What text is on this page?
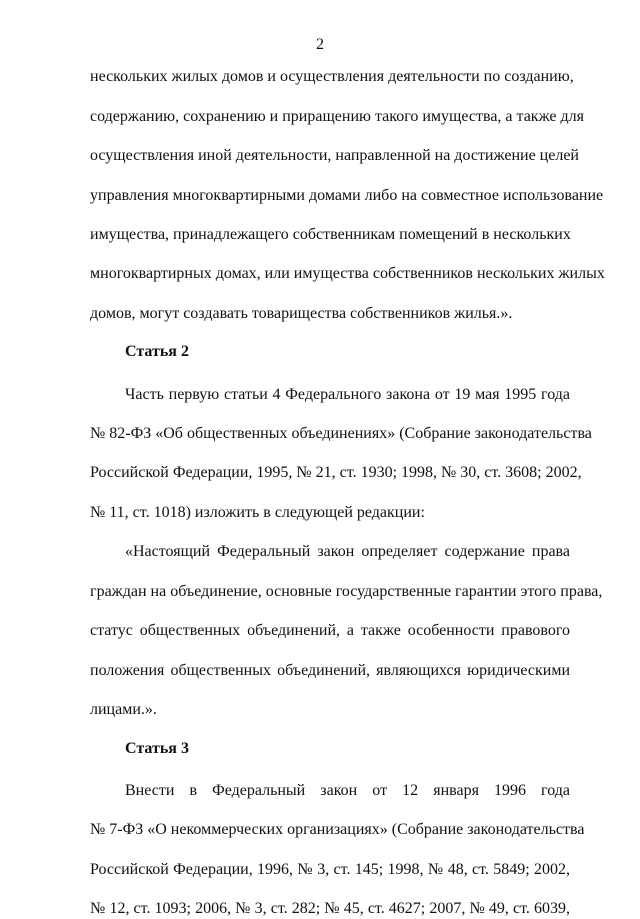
2
нескольких жилых домов и осуществления деятельности по созданию,
содержанию, сохранению и приращению такого имущества, а также для
осуществления иной деятельности, направленной на достижение целей
управления многоквартирными домами либо на совместное использование
имущества, принадлежащего собственникам помещений в нескольких
многоквартирных домах, или имущества собственников нескольких жилых
домов, могут создавать товарищества собственников жилья.».
Статья 2
Часть первую статьи 4 Федерального закона от 19 мая 1995 года
№ 82-ФЗ «Об общественных объединениях» (Собрание законодательства
Российской Федерации, 1995, № 21, ст. 1930; 1998, № 30, ст. 3608; 2002,
№ 11, ст. 1018) изложить в следующей редакции:
«Настоящий Федеральный закон определяет содержание права
граждан на объединение, основные государственные гарантии этого права,
статус общественных объединений, а также особенности правового
положения общественных объединений, являющихся юридическими
лицами.».
Статья 3
Внести в Федеральный закон от 12 января 1996 года
№ 7-ФЗ «О некоммерческих организациях» (Собрание законодательства
Российской Федерации, 1996, № 3, ст. 145; 1998, № 48, ст. 5849; 2002,
№ 12, ст. 1093; 2006, № 3, ст. 282; № 45, ст. 4627; 2007, № 49, ст. 6039,
